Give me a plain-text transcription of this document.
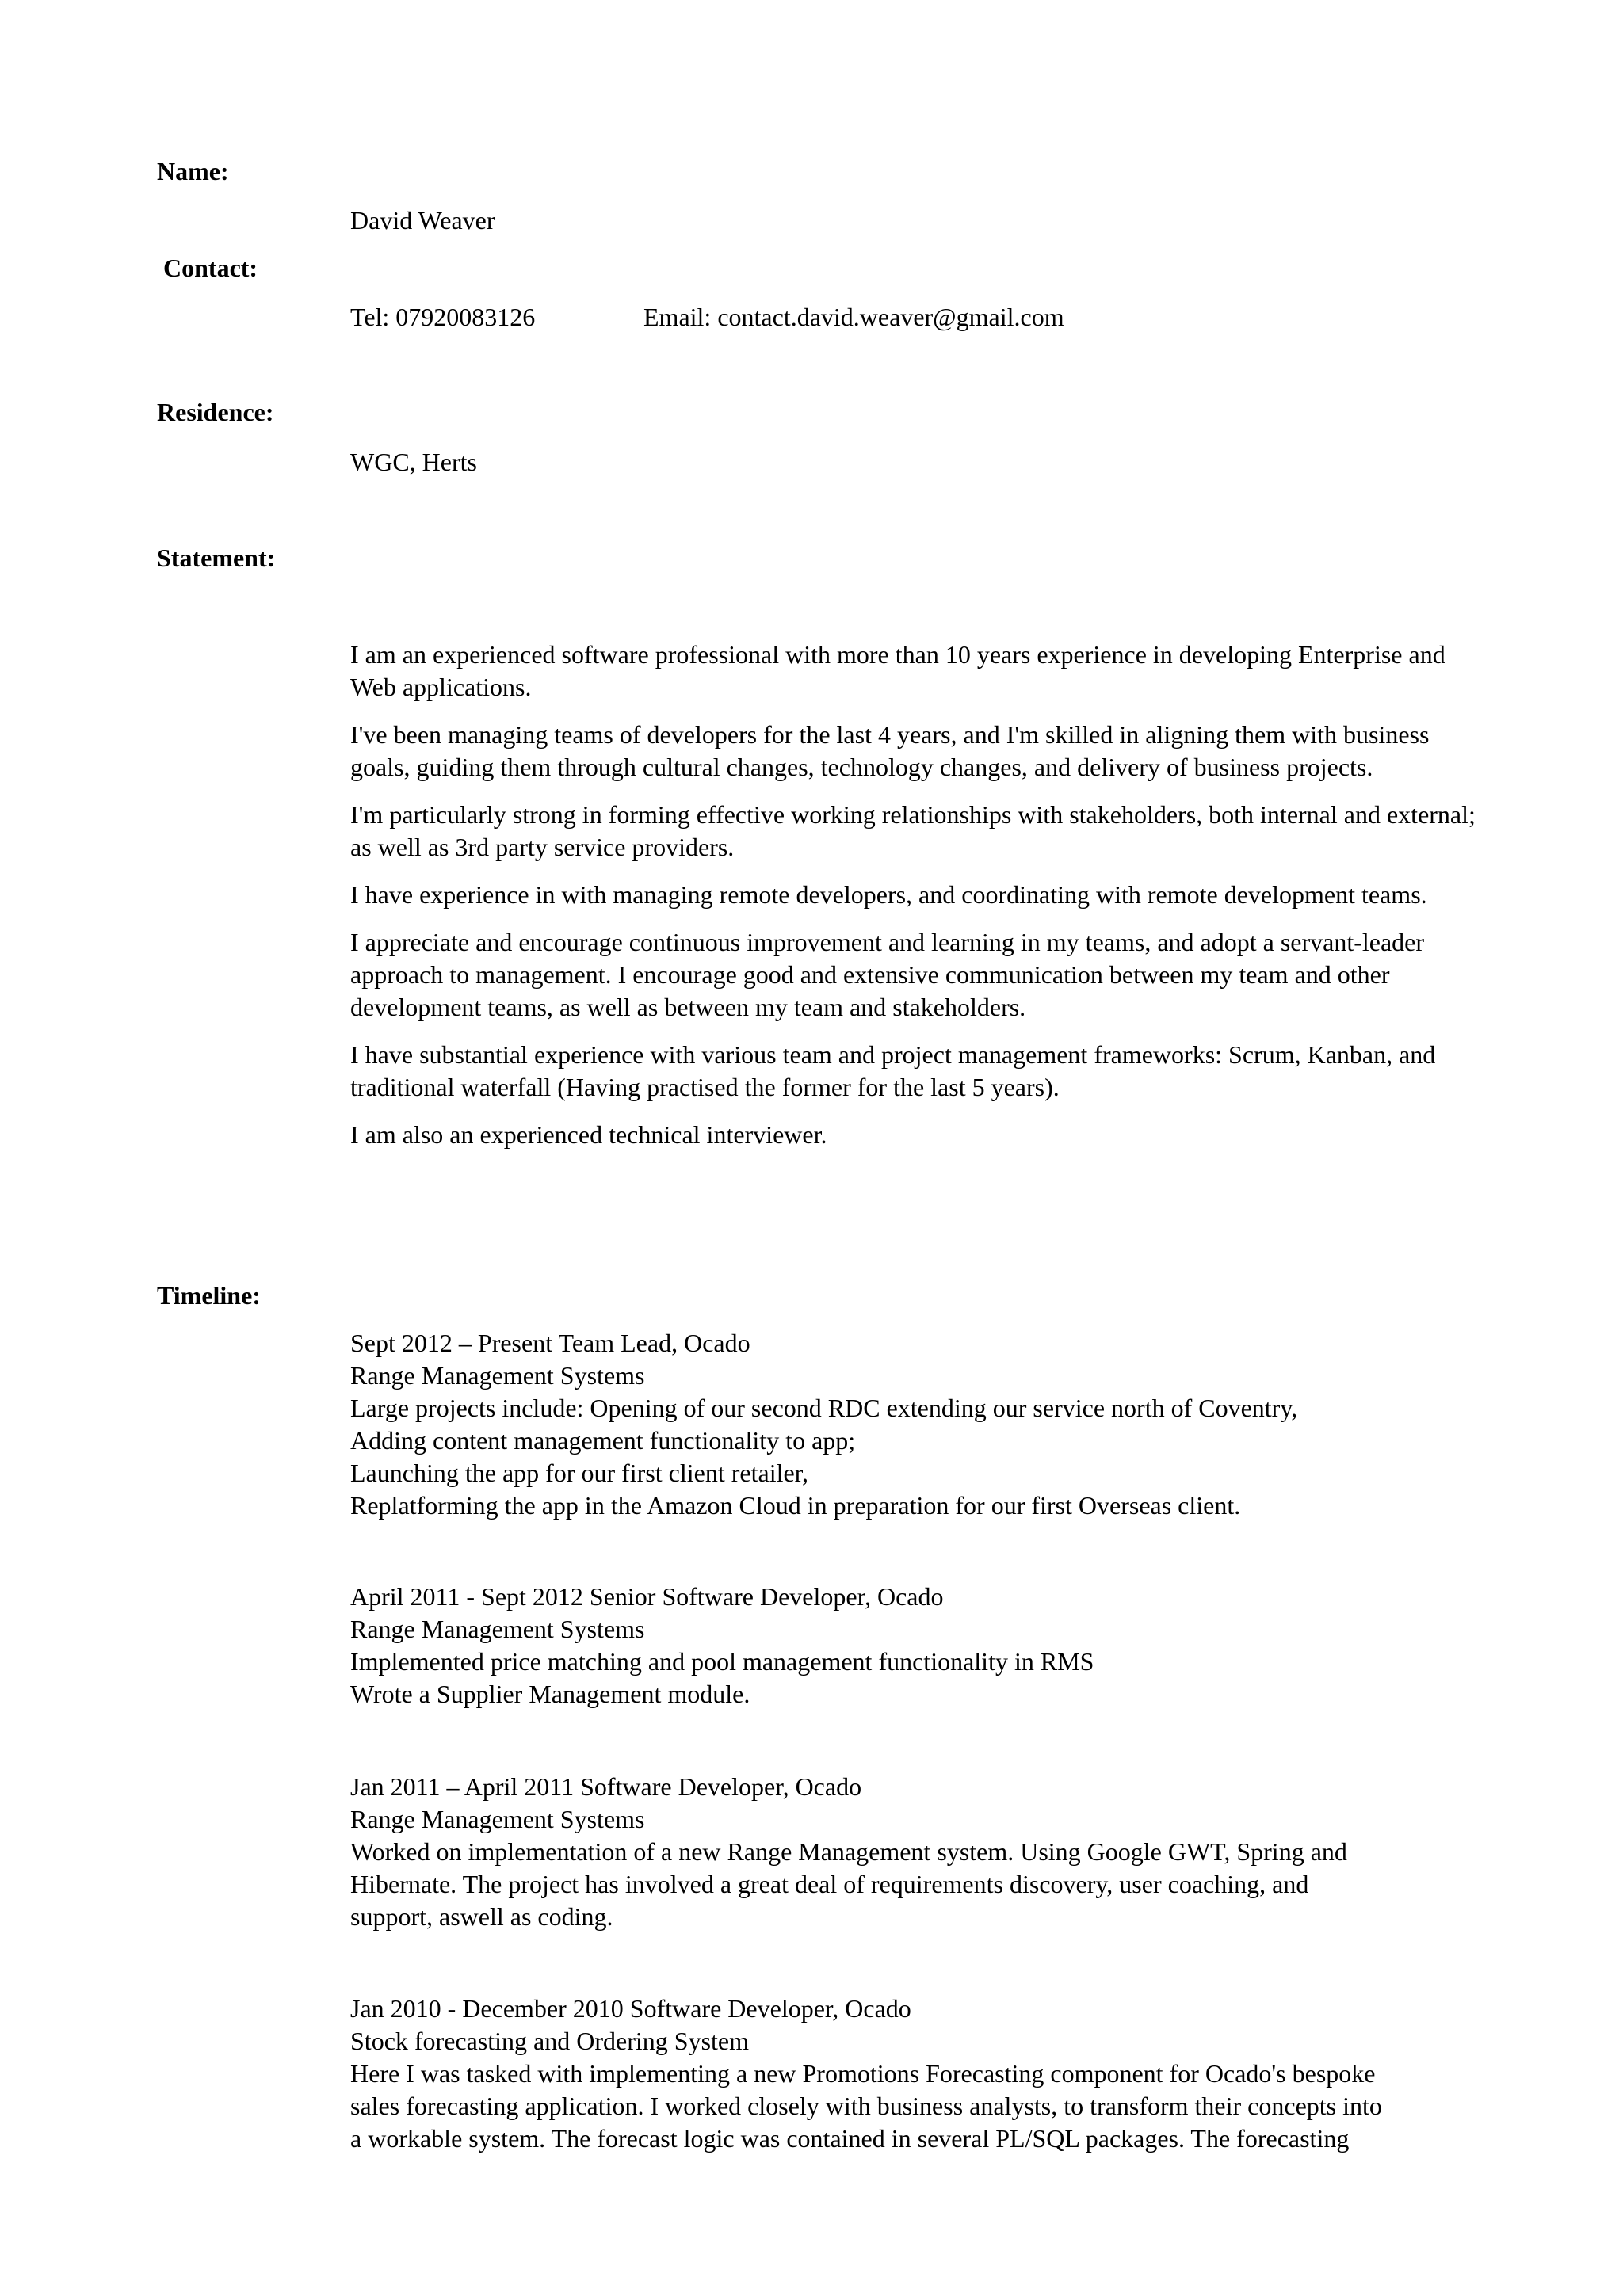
Name:
David Weaver
Contact:
Tel: 07920083126	Email: contact.david.weaver@gmail.com
Residence:
WGC, Herts
Statement:

I am an experienced software professional with more than 10 years experience in developing Enterprise and Web applications.

I've been managing teams of developers for the last 4 years, and I'm skilled in aligning them with business goals, guiding them through cultural changes, technology changes, and delivery of business projects.

I'm particularly strong in forming effective working relationships with stakeholders, both internal and external; as well as 3rd party service providers.

I have experience in with managing remote developers, and coordinating with remote development teams.

I appreciate and encourage continuous improvement and learning in my teams, and adopt a servant-leader approach to management. I encourage good and extensive communication between my team and other development teams, as well as between my team and stakeholders.

I have substantial experience with various team and project management frameworks: Scrum, Kanban, and traditional waterfall (Having practised the former for the last 5 years).

I am also an experienced technical interviewer.

Timeline:
Sept 2012 – Present Team Lead, Ocado
Range Management Systems
Large projects include: Opening of our second RDC extending our service north of Coventry,
Adding content management functionality to app;
Launching the app for our first client retailer,
Replatforming the app in the Amazon Cloud in preparation for our first Overseas client.
April 2011 - Sept 2012 Senior Software Developer, Ocado
Range Management Systems
Implemented price matching and pool management functionality in RMS
Wrote a Supplier Management module.
Jan 2011 – April 2011 Software Developer, Ocado
Range Management Systems
Worked on implementation of a new Range Management system. Using Google GWT, Spring and
Hibernate. The project has involved a great deal of requirements discovery, user coaching, and
support, aswell as coding.
Jan 2010 - December 2010 Software Developer, Ocado
Stock forecasting and Ordering System
Here I was tasked with implementing a new Promotions Forecasting component for Ocado's bespoke
sales forecasting application. I worked closely with business analysts, to transform their concepts into
a workable system. The forecast logic was contained in several PL/SQL packages. The forecasting
